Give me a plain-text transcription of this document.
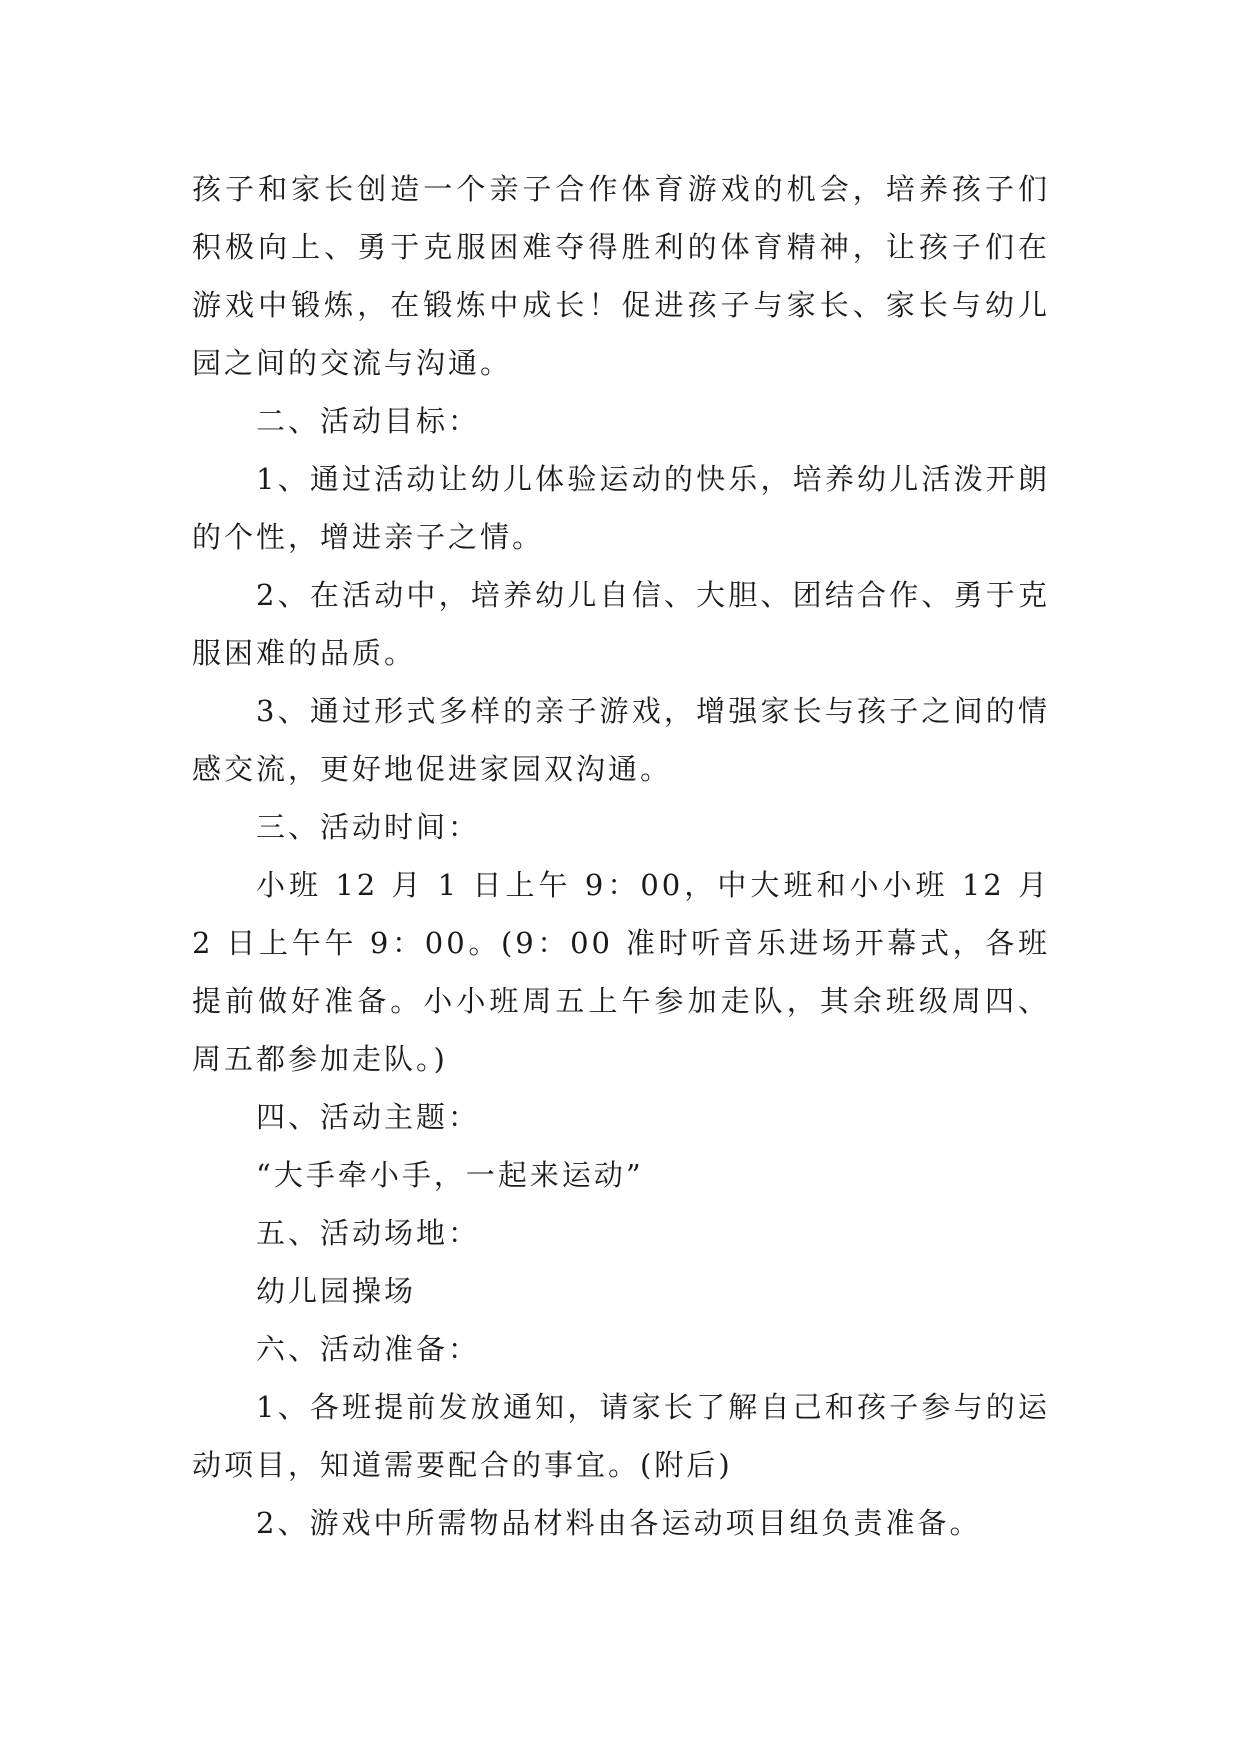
孩子和家长创造一个亲子合作体育游戏的机会，培养孩子们积极向上、勇于克服困难夺得胜利的体育精神，让孩子们在游戏中锻炼，在锻炼中成长！促进孩子与家长、家长与幼儿园之间的交流与沟通。

二、活动目标：

1、通过活动让幼儿体验运动的快乐，培养幼儿活泼开朗的个性，增进亲子之情。

2、在活动中，培养幼儿自信、大胆、团结合作、勇于克服困难的品质。

3、通过形式多样的亲子游戏，增强家长与孩子之间的情感交流，更好地促进家园双沟通。

三、活动时间：

小班 12 月 1 日上午 9：00，中大班和小小班 12 月 2 日上午午 9：00。(9：00 准时听音乐进场开幕式，各班提前做好准备。小小班周五上午参加走队，其余班级周四、周五都参加走队。)

四、活动主题：

“大手牵小手，一起来运动”

五、活动场地：

幼儿园操场

六、活动准备：

1、各班提前发放通知，请家长了解自己和孩子参与的运动项目，知道需要配合的事宜。(附后)

2、游戏中所需物品材料由各运动项目组负责准备。
